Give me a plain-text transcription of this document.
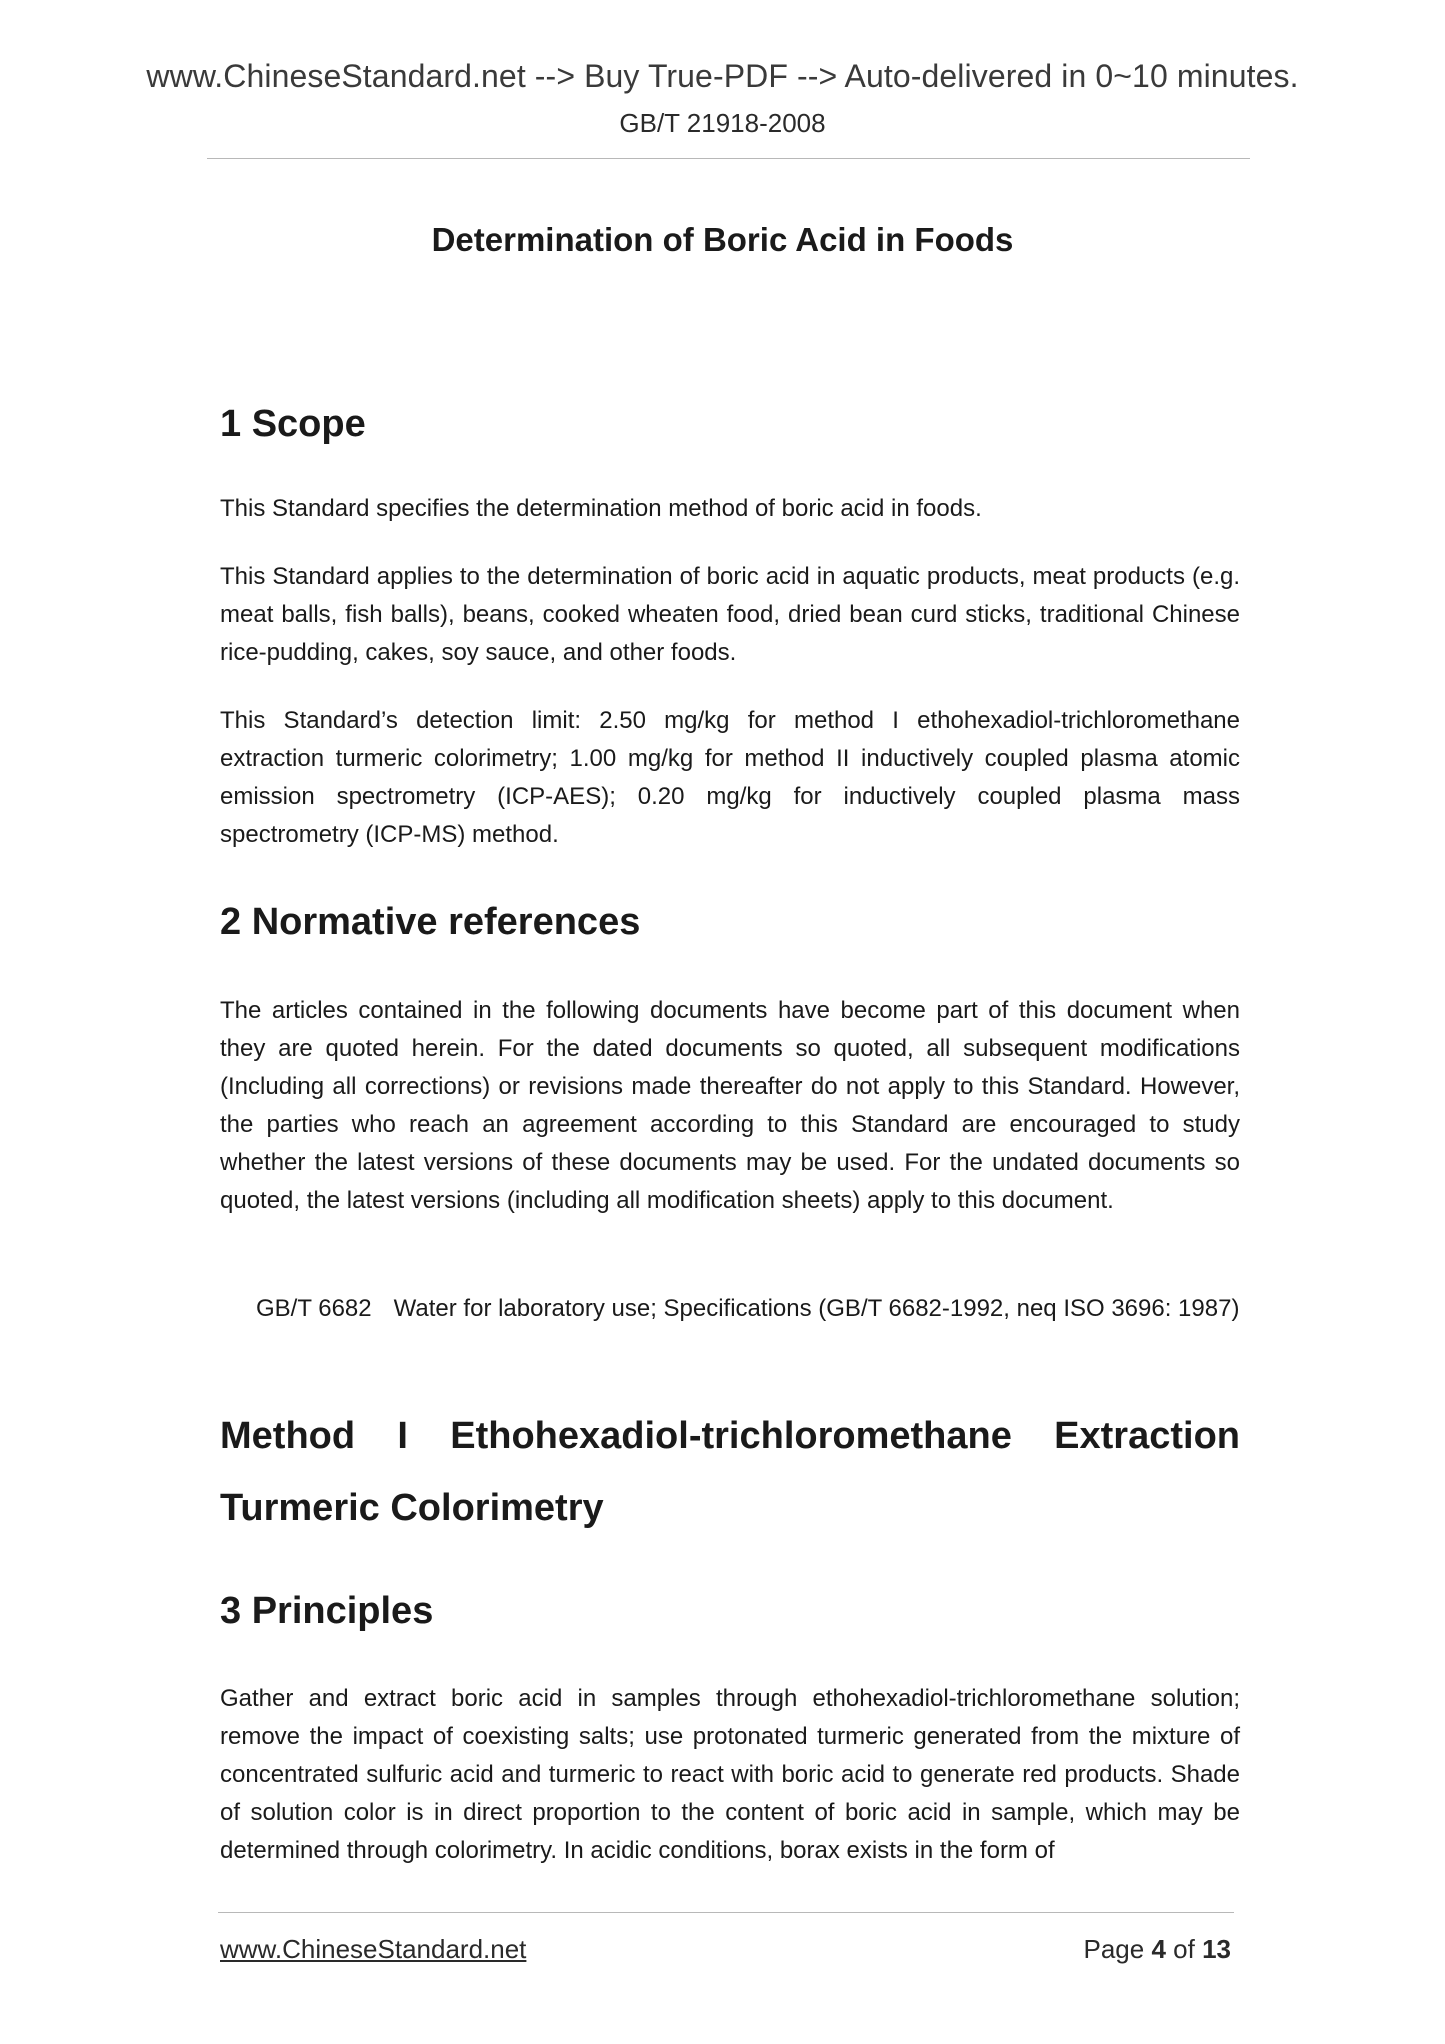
www.ChineseStandard.net --> Buy True-PDF --> Auto-delivered in 0~10 minutes.
GB/T 21918-2008
Determination of Boric Acid in Foods
1 Scope

This Standard specifies the determination method of boric acid in foods.

This Standard applies to the determination of boric acid in aquatic products, meat products (e.g. meat balls, fish balls), beans, cooked wheaten food, dried bean curd sticks, traditional Chinese rice-pudding, cakes, soy sauce, and other foods.

This Standard’s detection limit: 2.50 mg/kg for method I ethohexadiol-trichloromethane extraction turmeric colorimetry; 1.00 mg/kg for method II inductively coupled plasma atomic emission spectrometry (ICP-AES); 0.20 mg/kg for inductively coupled plasma mass spectrometry (ICP-MS) method.

2 Normative references

The articles contained in the following documents have become part of this document when they are quoted herein. For the dated documents so quoted, all subsequent modifications (Including all corrections) or revisions made thereafter do not apply to this Standard. However, the parties who reach an agreement according to this Standard are encouraged to study whether the latest versions of these documents may be used. For the undated documents so quoted, the latest versions (including all modification sheets) apply to this document.

GB/T 6682 Water for laboratory use; Specifications (GB/T 6682-1992, neq ISO 3696: 1987)
Method I Ethohexadiol-trichloromethane Extraction
Turmeric Colorimetry
3 Principles

Gather and extract boric acid in samples through ethohexadiol-trichloromethane solution; remove the impact of coexisting salts; use protonated turmeric generated from the mixture of concentrated sulfuric acid and turmeric to react with boric acid to generate red products. Shade of solution color is in direct proportion to the content of boric acid in sample, which may be determined through colorimetry. In acidic conditions, borax exists in the form of

www.ChineseStandard.net	Page 4 of 13
